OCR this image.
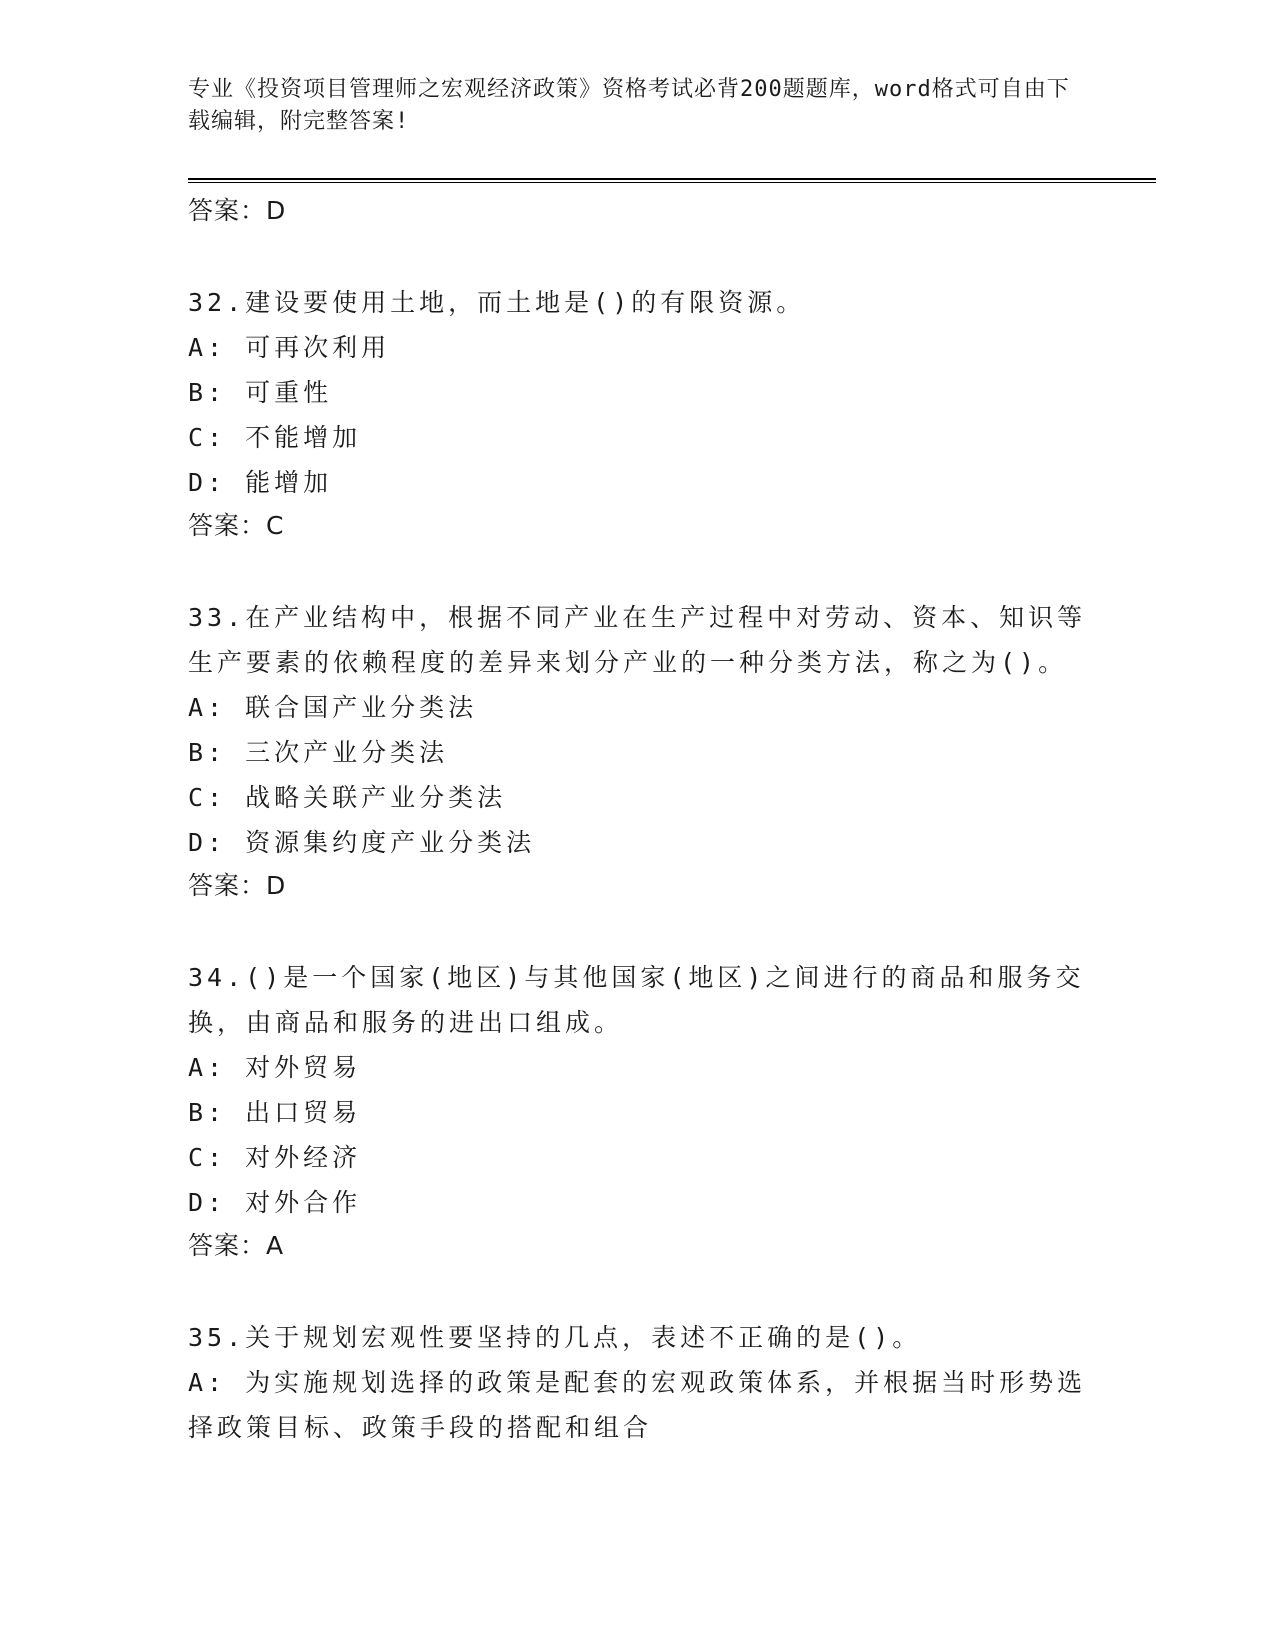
专业《投资项目管理师之宏观经济政策》资格考试必背200题题库，word格式可自由下载编辑，附完整答案!
答案：D
32.建设要使用土地，而土地是()的有限资源。
A: 可再次利用
B: 可重性
C: 不能增加
D: 能增加
答案：C
33.在产业结构中，根据不同产业在生产过程中对劳动、资本、知识等生产要素的依赖程度的差异来划分产业的一种分类方法，称之为()。
A: 联合国产业分类法
B: 三次产业分类法
C: 战略关联产业分类法
D: 资源集约度产业分类法
答案：D
34.()是一个国家(地区)与其他国家(地区)之间进行的商品和服务交换，由商品和服务的进出口组成。
A: 对外贸易
B: 出口贸易
C: 对外经济
D: 对外合作
答案：A
35.关于规划宏观性要坚持的几点，表述不正确的是()。
A: 为实施规划选择的政策是配套的宏观政策体系，并根据当时形势选择政策目标、政策手段的搭配和组合
